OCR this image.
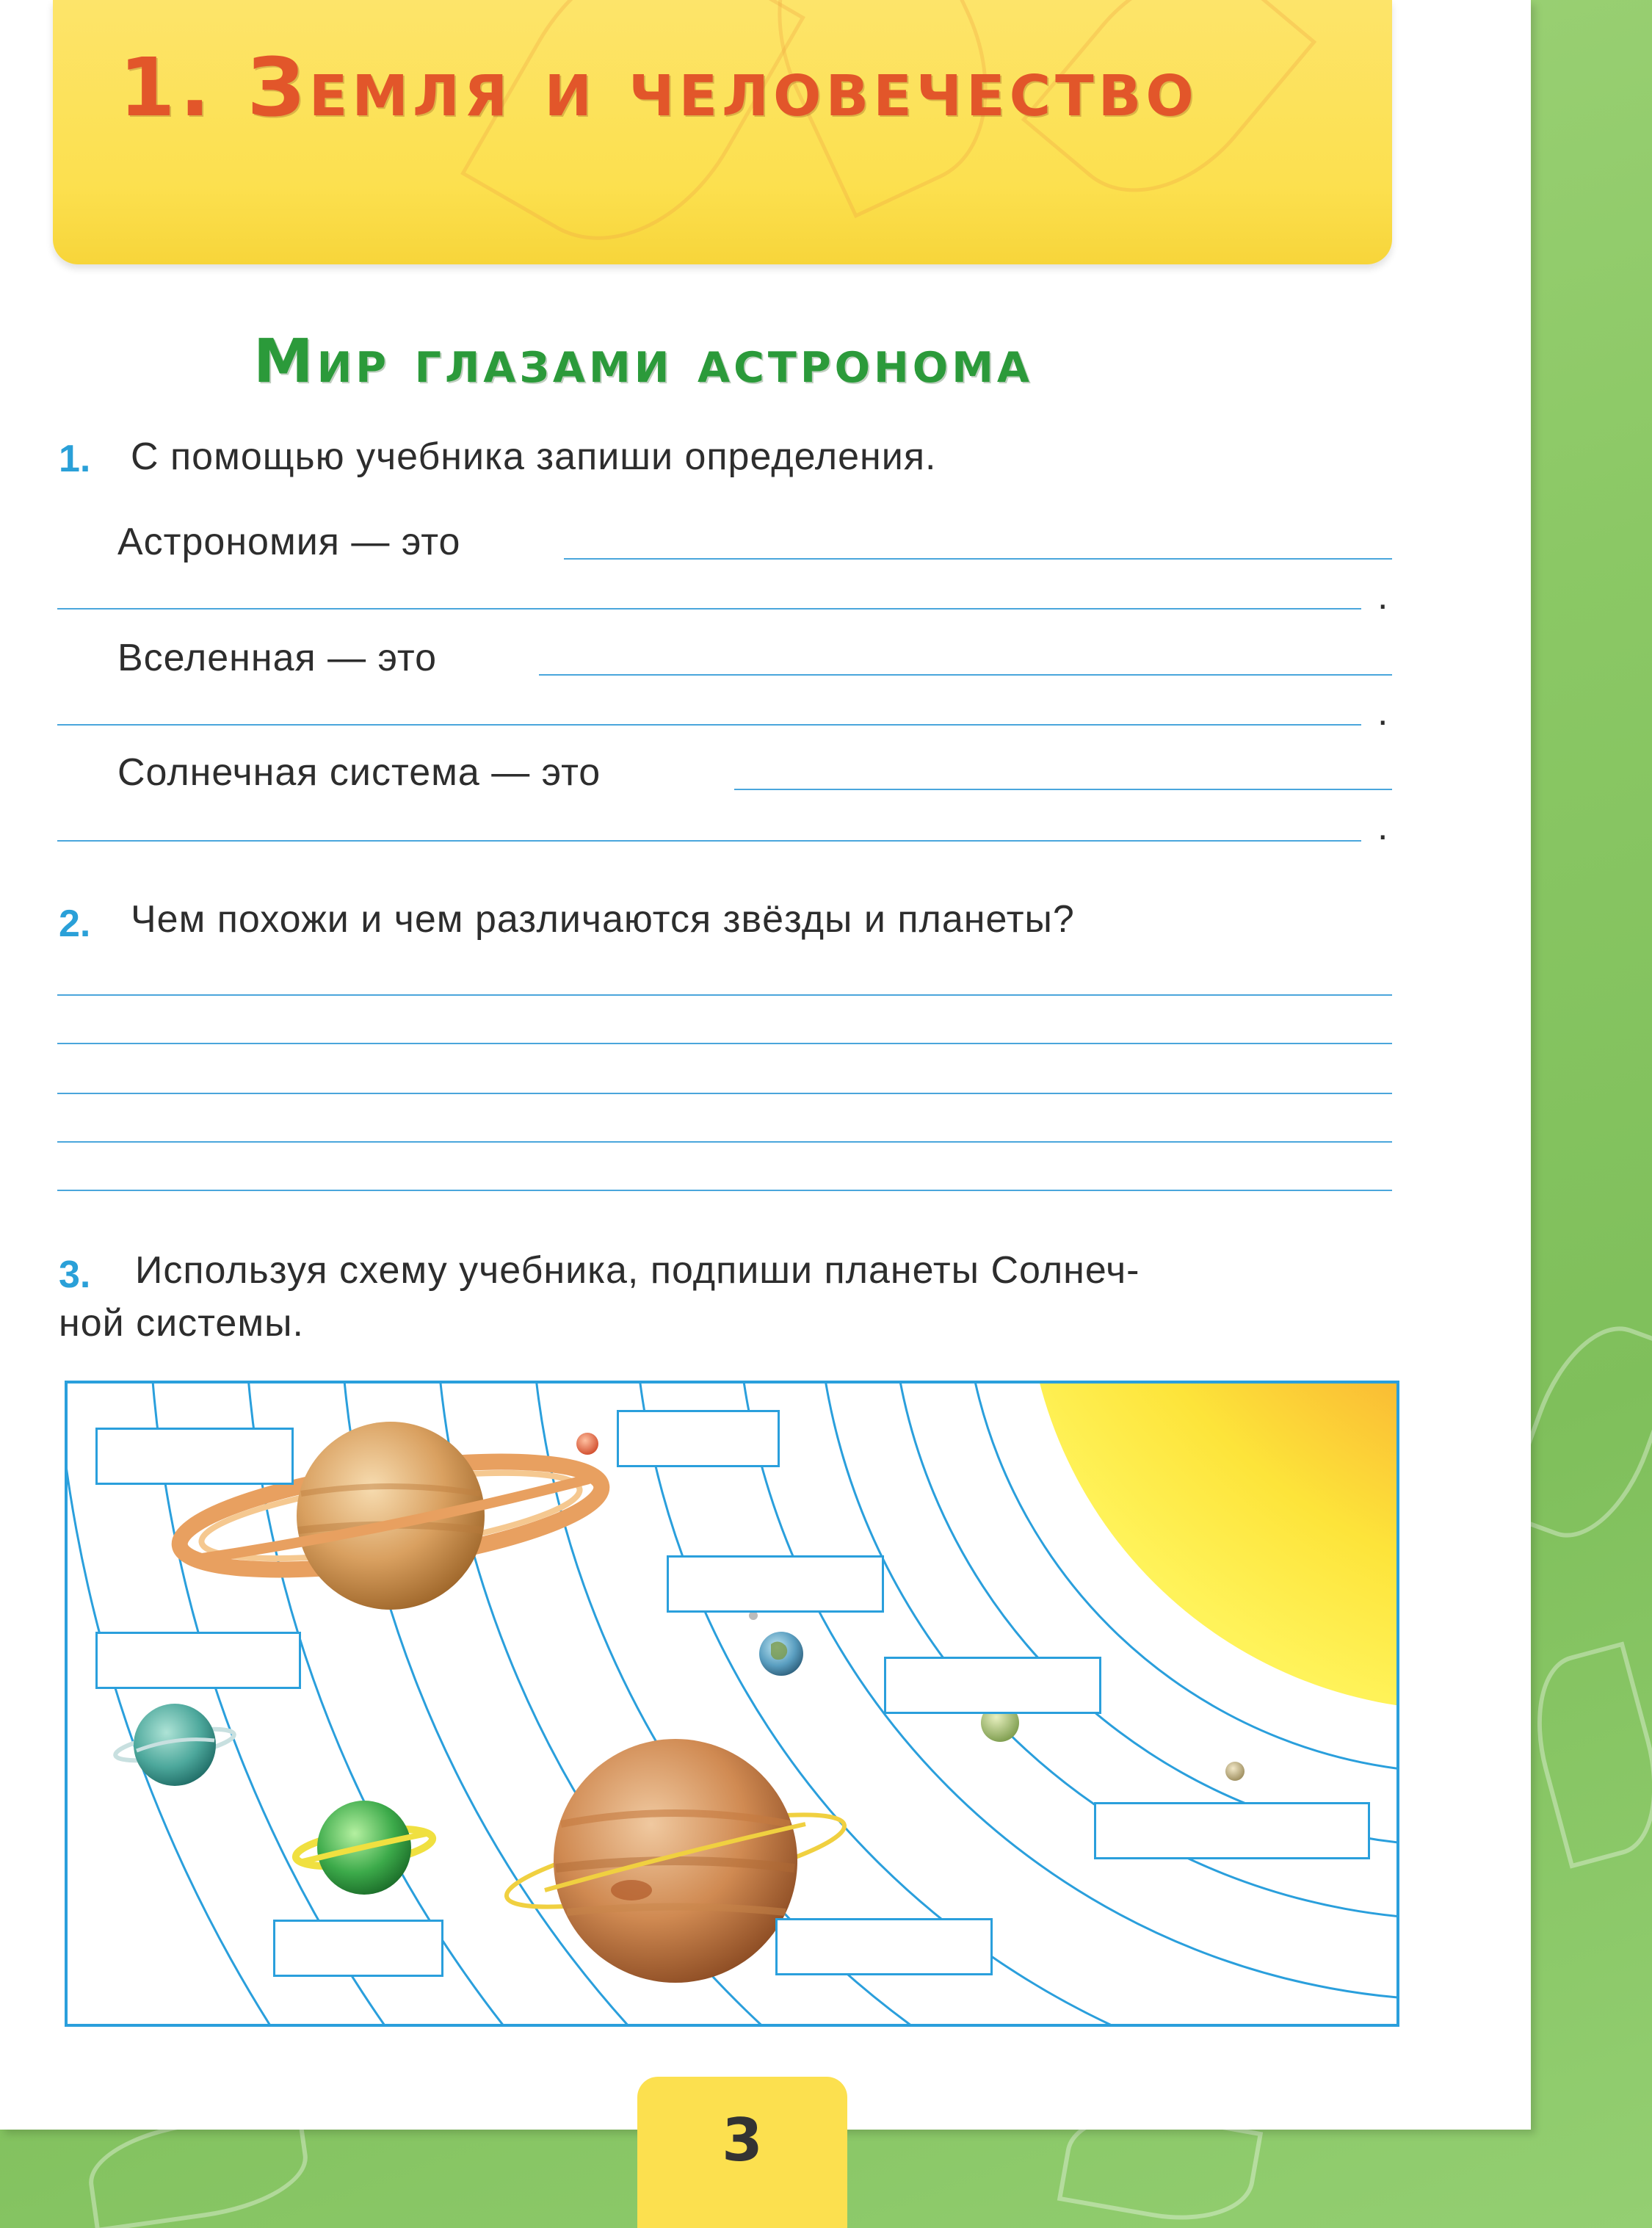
1. Земля и человечество
Мир глазами астронома
1. С помощью учебника запиши определения.
Астрономия — это
.
Вселенная — это
.
Солнечная система — это
.
2. Чем похожи и чем различаются звёзды и планеты?
3. Используя схему учебника, подпиши планеты Солнеч-
ной системы.
3
